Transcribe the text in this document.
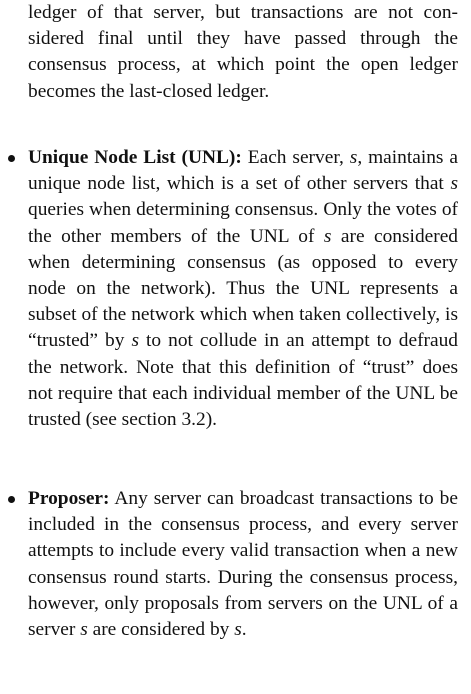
ledger of that server, but transactions are not considered final until they have passed through the consensus process, at which point the open ledger becomes the last-closed ledger.

Unique Node List (UNL): Each server, s, maintains a unique node list, which is a set of other servers that s queries when determining consensus. Only the votes of the other members of the UNL of s are considered when determining consensus (as opposed to every node on the network). Thus the UNL represents a subset of the network which when taken collectively, is “trusted” by s to not collude in an attempt to defraud the network. Note that this definition of “trust” does not require that each individual member of the UNL be trusted (see section 3.2).

Proposer: Any server can broadcast transactions to be included in the consensus process, and every server attempts to include every valid transaction when a new consensus round starts. During the consensus process, however, only proposals from servers on the UNL of a server s are considered by s.
